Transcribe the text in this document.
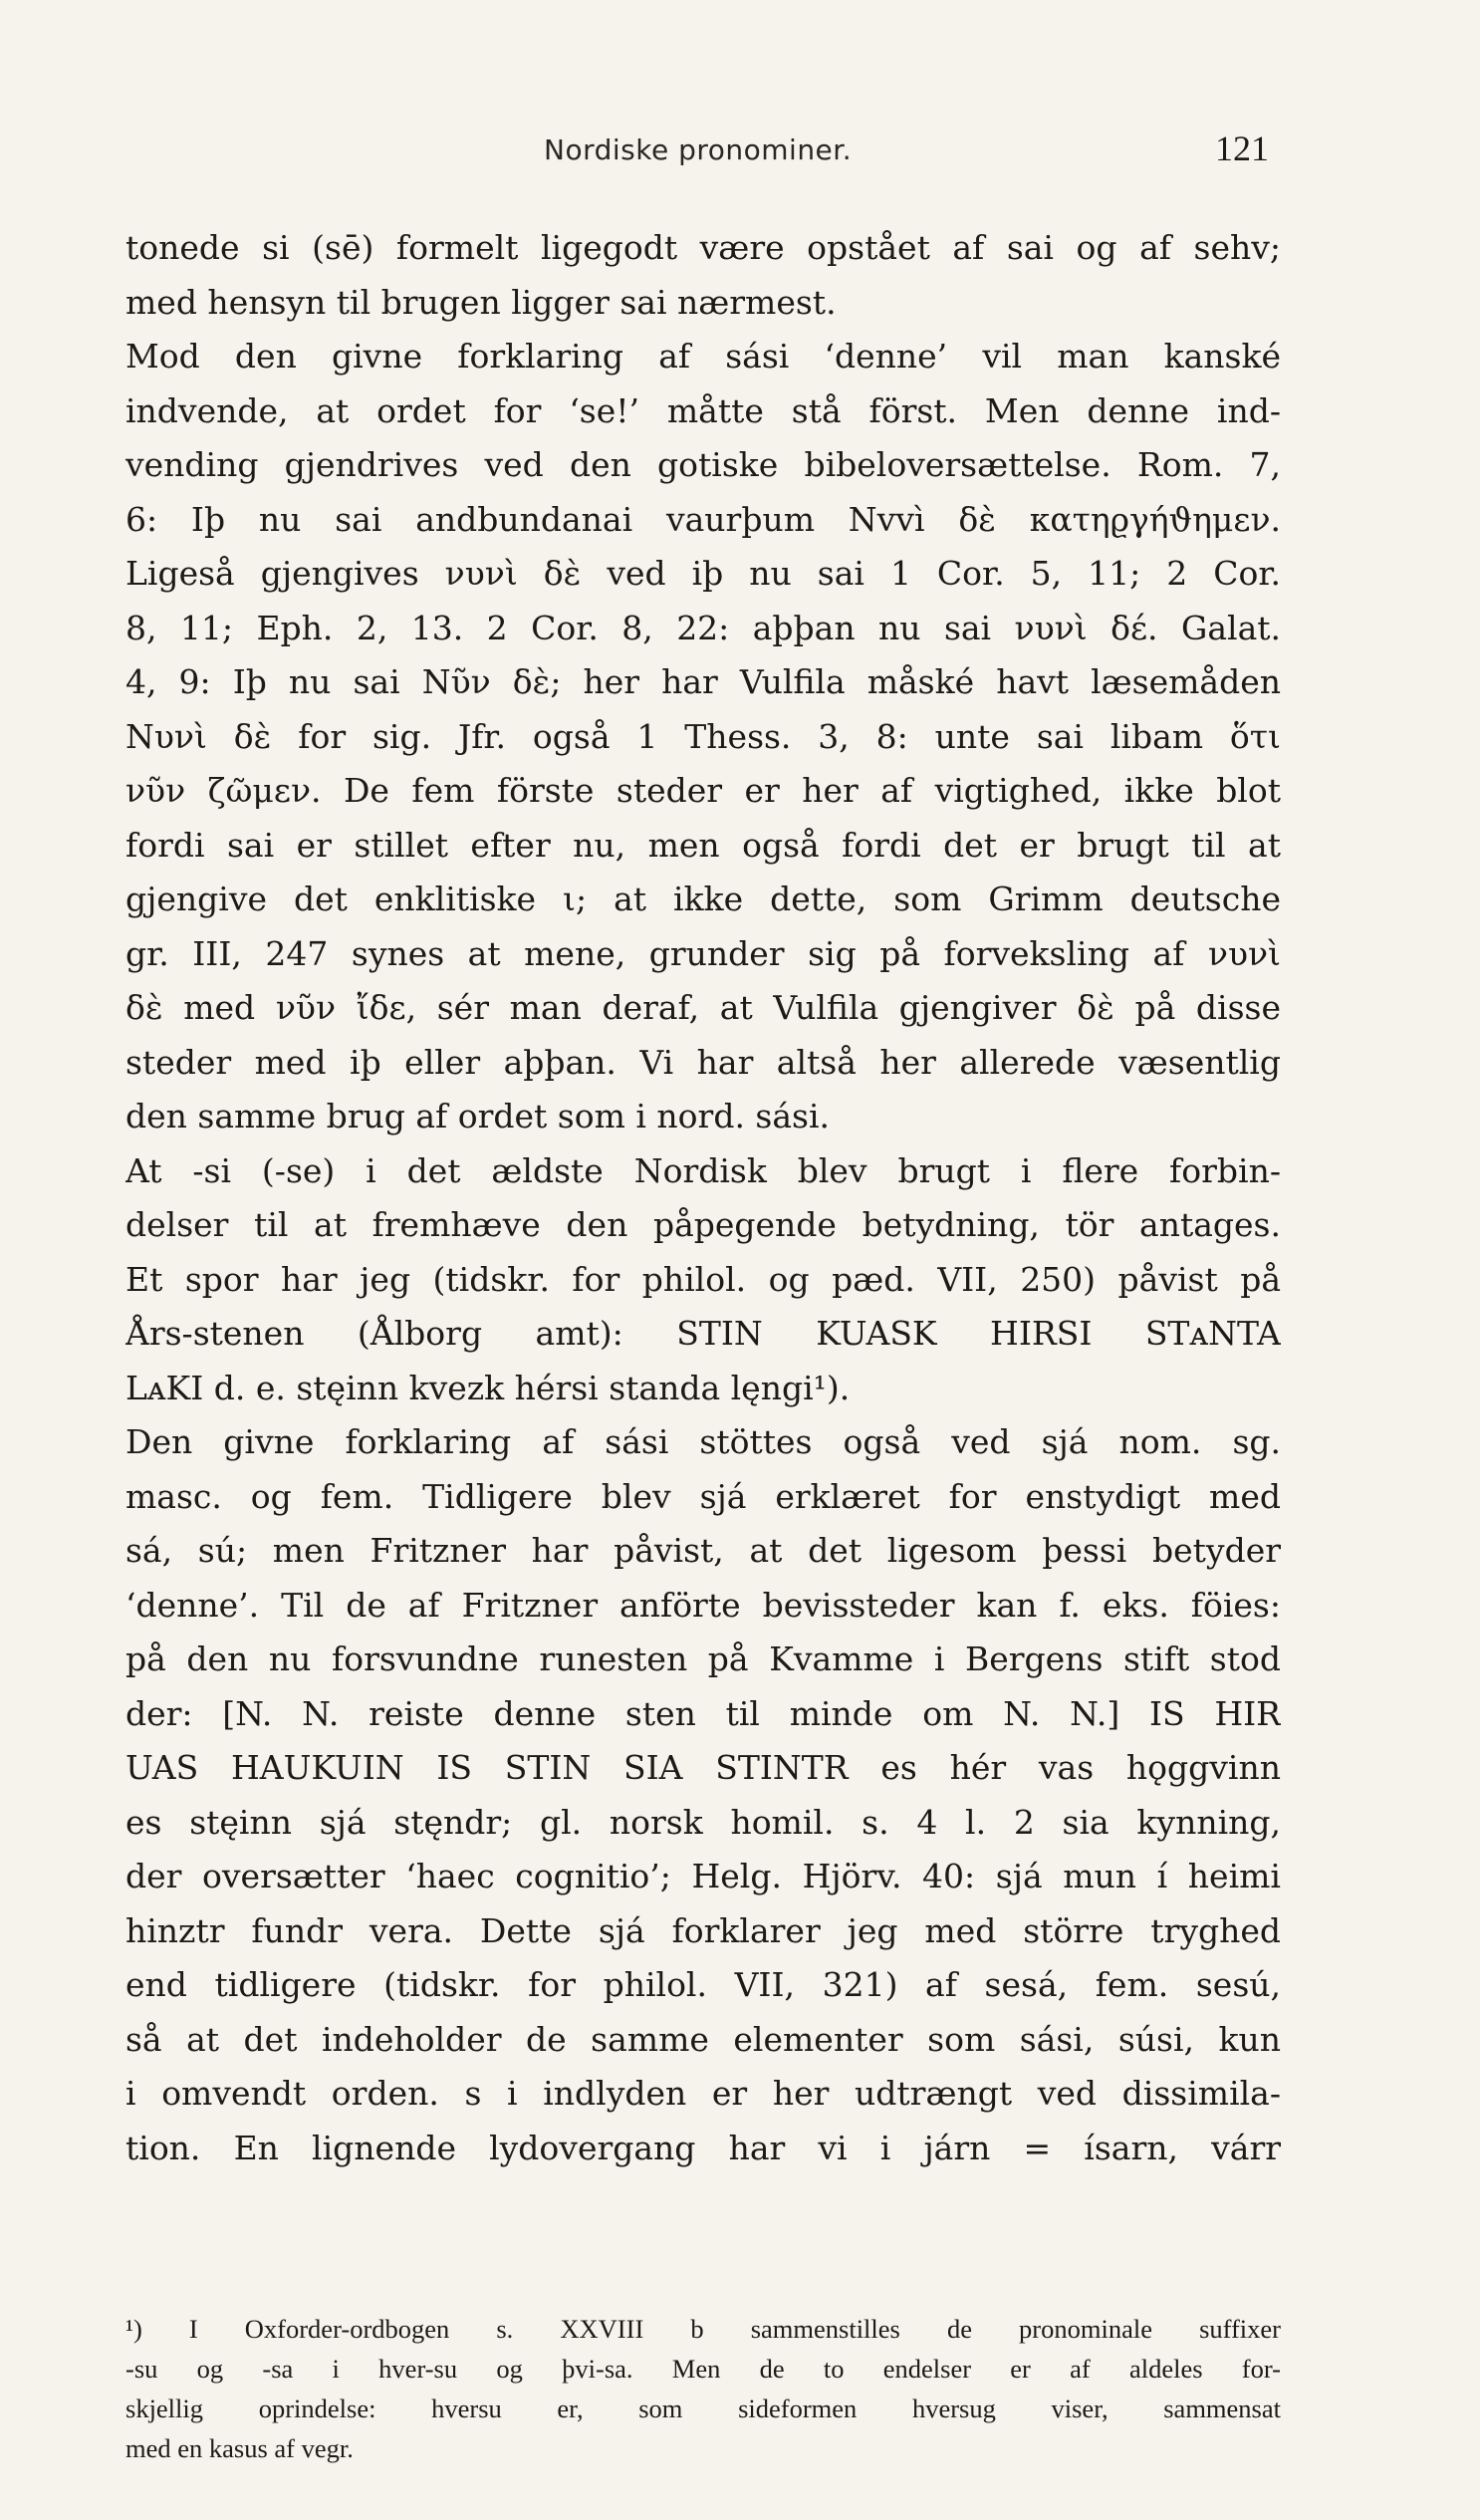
Nordiske pronominer.	121
tonede si (sē) formelt ligegodt være opstået af sai og af sehv;
med hensyn til brugen ligger sai nærmest.
Mod den givne forklaring af sási ‘denne’ vil man kanské
indvende, at ordet for ‘se!’ måtte stå först. Men denne ind-
vending gjendrives ved den gotiske bibeloversættelse. Rom. 7,
6: Iþ nu sai andbundanai vaurþum Nvvì δὲ κατηϱγήϑημεν.
Ligeså gjengives νυνὶ δὲ ved iþ nu sai 1 Cor. 5, 11; 2 Cor.
8, 11; Eph. 2, 13. 2 Cor. 8, 22: aþþan nu sai νυνὶ δέ. Galat.
4, 9: Iþ nu sai Νῦν δὲ; her har Vulfila måské havt læsemåden
Νυνὶ δὲ for sig. Jfr. også 1 Thess. 3, 8: unte sai libam ὅτι
νῦν ζῶμεν. De fem förste steder er her af vigtighed, ikke blot
fordi sai er stillet efter nu, men også fordi det er brugt til at
gjengive det enklitiske ι; at ikke dette, som Grimm deutsche
gr. III, 247 synes at mene, grunder sig på forveksling af νυνὶ
δὲ med νῦν ἴδε, sér man deraf, at Vulfila gjengiver δὲ på disse
steder med iþ eller aþþan. Vi har altså her allerede væsentlig
den samme brug af ordet som i nord. sási.
At -si (-se) i det ældste Nordisk blev brugt i flere forbin-
delser til at fremhæve den påpegende betydning, tör antages.
Et spor har jeg (tidskr. for philol. og pæd. VII, 250) påvist på
Års-stenen (Ålborg amt): STIN KUASK HIRSI STᴀNTA
LᴀKI d. e. stęinn kvezk hérsi standa lęngi¹).
Den givne forklaring af sási stöttes også ved sjá nom. sg.
masc. og fem. Tidligere blev sjá erklæret for enstydigt med
sá, sú; men Fritzner har påvist, at det ligesom þessi betyder
‘denne’. Til de af Fritzner anförte bevissteder kan f. eks. föies:
på den nu forsvundne runesten på Kvamme i Bergens stift stod
der: [N. N. reiste denne sten til minde om N. N.] IS HIR
UAS HAUKUIN IS STIN SIA STINTR es hér vas hǫggvinn
es stęinn sjá stęndr; gl. norsk homil. s. 4 l. 2 sia kynning,
der oversætter ‘haec cognitio’; Helg. Hjörv. 40: sjá mun í heimi
hinztr fundr vera. Dette sjá forklarer jeg med större tryghed
end tidligere (tidskr. for philol. VII, 321) af sesá, fem. sesú,
så at det indeholder de samme elementer som sási, súsi, kun
i omvendt orden. s i indlyden er her udtrængt ved dissimila-
tion. En lignende lydovergang har vi i járn = ísarn, várr
¹) I Oxforder-ordbogen s. XXVIII b sammenstilles de pronominale suffixer
-su og -sa i hver-su og þvi-sa. Men de to endelser er af aldeles for-
skjellig oprindelse: hversu er, som sideformen hversug viser, sammensat
med en kasus af vegr.
